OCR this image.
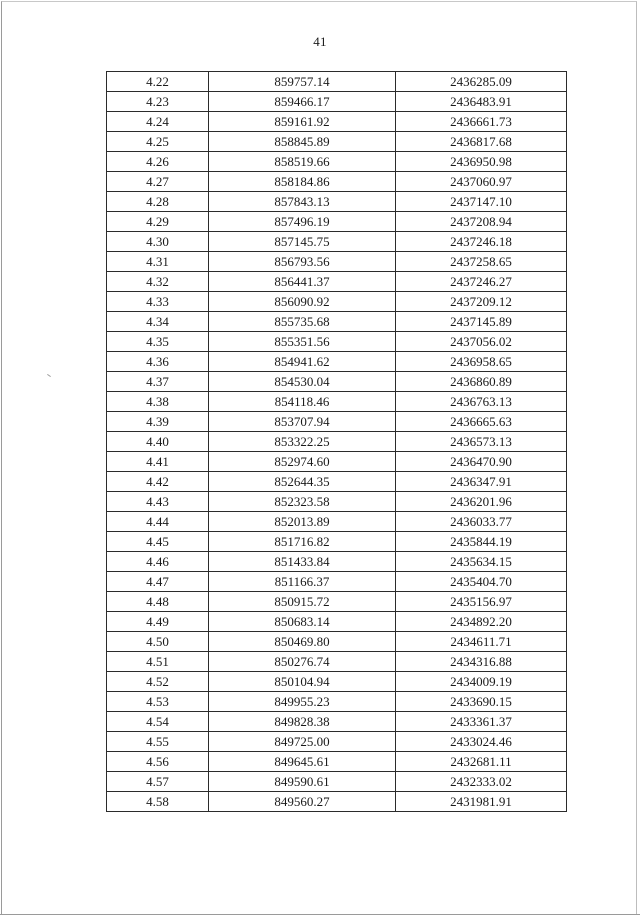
41
4.22	859757.14	2436285.09
4.23	859466.17	2436483.91
4.24	859161.92	2436661.73
4.25	858845.89	2436817.68
4.26	858519.66	2436950.98
4.27	858184.86	2437060.97
4.28	857843.13	2437147.10
4.29	857496.19	2437208.94
4.30	857145.75	2437246.18
4.31	856793.56	2437258.65
4.32	856441.37	2437246.27
4.33	856090.92	2437209.12
4.34	855735.68	2437145.89
4.35	855351.56	2437056.02
4.36	854941.62	2436958.65
4.37	854530.04	2436860.89
4.38	854118.46	2436763.13
4.39	853707.94	2436665.63
4.40	853322.25	2436573.13
4.41	852974.60	2436470.90
4.42	852644.35	2436347.91
4.43	852323.58	2436201.96
4.44	852013.89	2436033.77
4.45	851716.82	2435844.19
4.46	851433.84	2435634.15
4.47	851166.37	2435404.70
4.48	850915.72	2435156.97
4.49	850683.14	2434892.20
4.50	850469.80	2434611.71
4.51	850276.74	2434316.88
4.52	850104.94	2434009.19
4.53	849955.23	2433690.15
4.54	849828.38	2433361.37
4.55	849725.00	2433024.46
4.56	849645.61	2432681.11
4.57	849590.61	2432333.02
4.58	849560.27	2431981.91
